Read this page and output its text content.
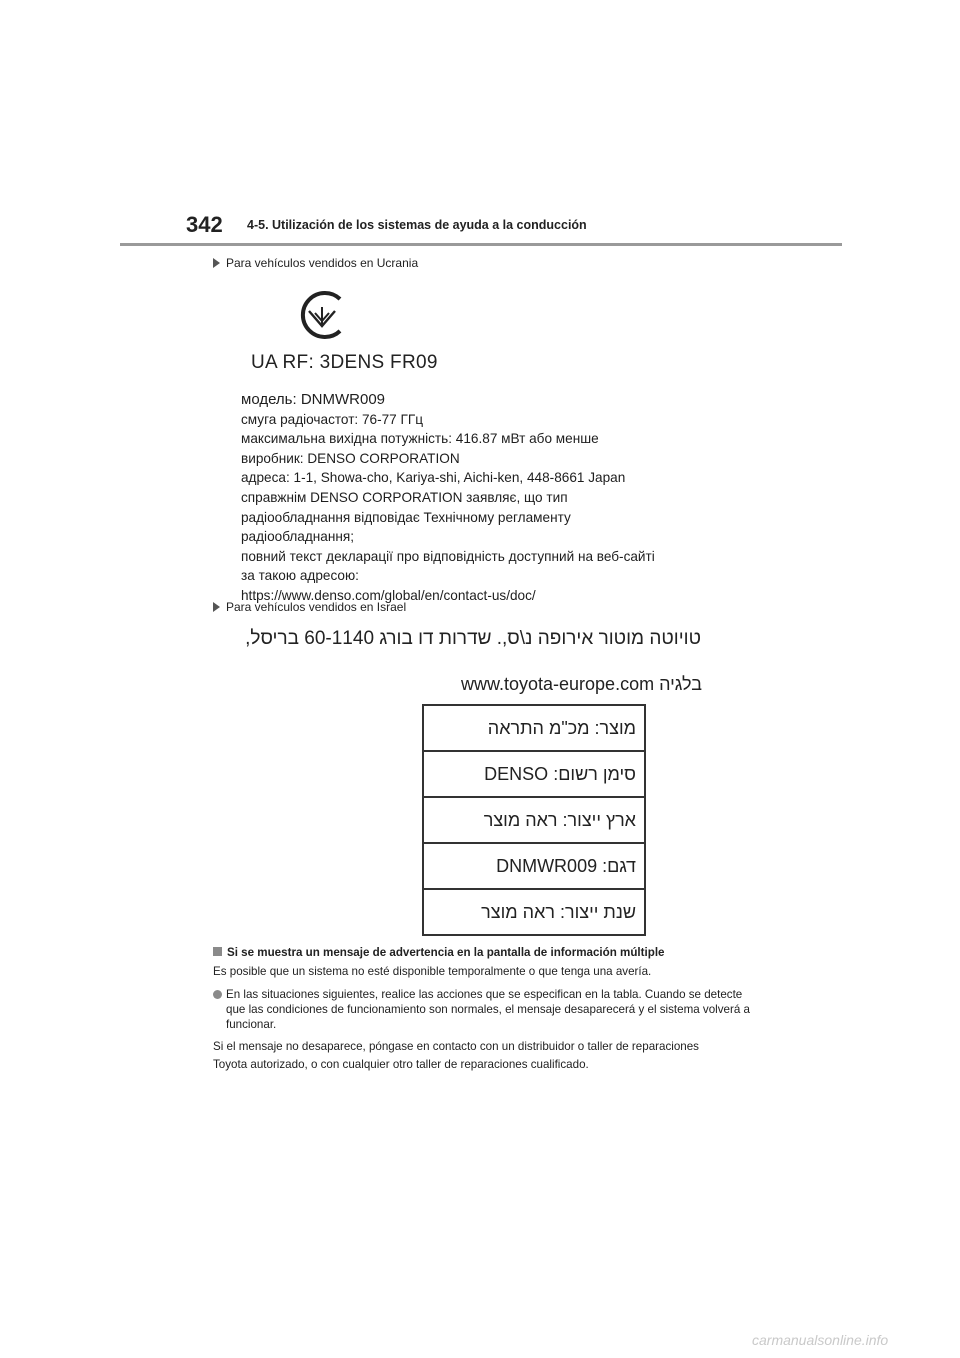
342 4-5. Utilización de los sistemas de ayuda a la conducción
Para vehículos vendidos en Ucrania
UA RF: 3DENS FR09
модель: DNMWR009
смуга радіочастот: 76-77 ГГц
максимальна вихідна потужність: 416.87 мВт або менше
виробник: DENSO CORPORATION
адреса: 1-1, Showa-cho, Kariya-shi, Aichi-ken, 448-8661 Japan
справжнім DENSO CORPORATION заявляє, що тип
радіообладнання відповідає Технічному регламенту
радіообладнання;
повний текст декларації про відповідність доступний на веб-сайті
за такою адресою:
https://www.denso.com/global/en/contact-us/doc/
Para vehículos vendidos en Israel
טויוטה מוטור אירופה נ\ס,. שדרות דו בורג 60-1140 בריסל,
בלגיה www.toyota-europe.com
מוצר: מכ"מ התראה
סימן רשום: DENSO
ארץ ייצור: ראה מוצר
דגם: DNMWR009
שנת ייצור: ראה מוצר
Si se muestra un mensaje de advertencia en la pantalla de información múltiple
Es posible que un sistema no esté disponible temporalmente o que tenga una avería.
En las situaciones siguientes, realice las acciones que se especifican en la tabla. Cuando se detecte que las condiciones de funcionamiento son normales, el mensaje desaparecerá y el sistema volverá a funcionar.
Si el mensaje no desaparece, póngase en contacto con un distribuidor o taller de reparaciones
Toyota autorizado, o con cualquier otro taller de reparaciones cualificado.
carmanualsonline.info
